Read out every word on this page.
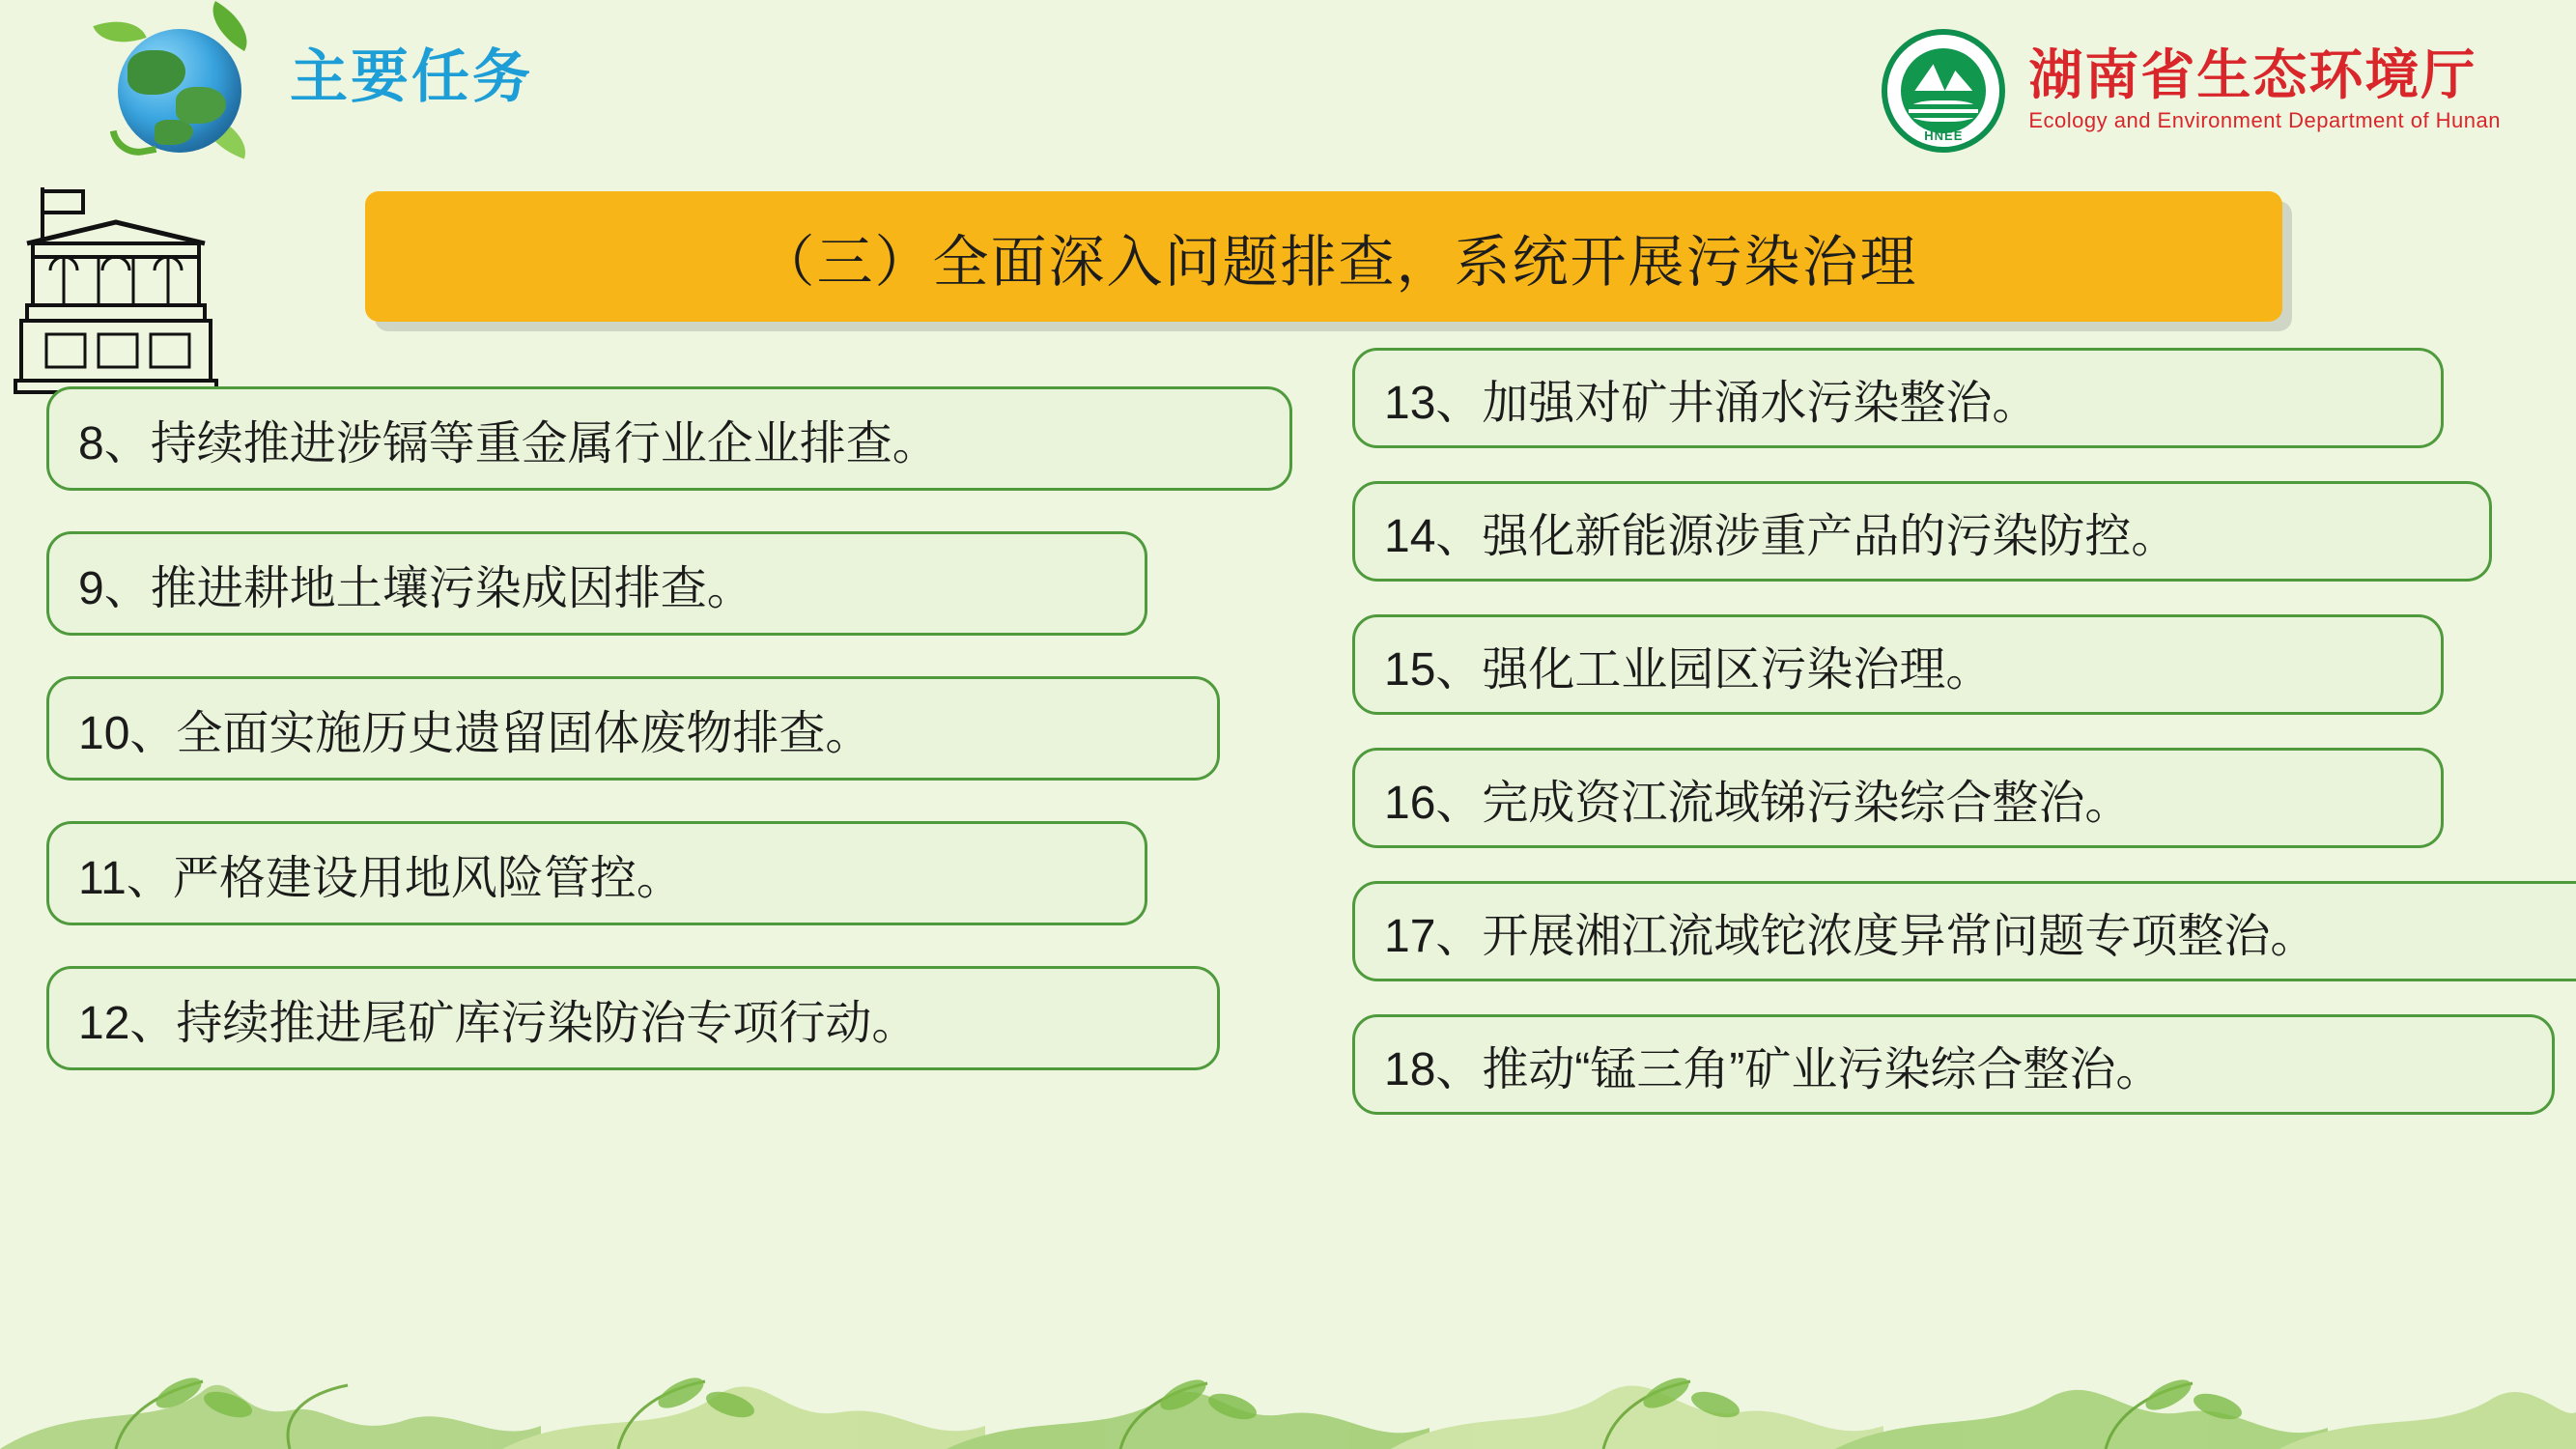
主要任务
HNEE
湖南省生态环境厅
Ecology and Environment Department of Hunan
（三）全面深入问题排查，系统开展污染治理
8、持续推进涉镉等重金属行业企业排查。
9、推进耕地土壤污染成因排查。
10、全面实施历史遗留固体废物排查。
11、严格建设用地风险管控。
12、持续推进尾矿库污染防治专项行动。
13、加强对矿井涌水污染整治。
14、强化新能源涉重产品的污染防控。
15、强化工业园区污染治理。
16、完成资江流域锑污染综合整治。
17、开展湘江流域铊浓度异常问题专项整治。
18、推动“锰三角”矿业污染综合整治。
